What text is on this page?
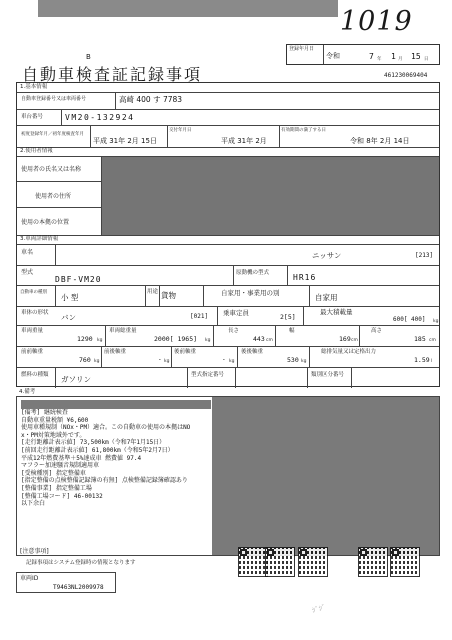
1019
登録年月日
令和	7 年 1 月 15 日
B
自動車検査証記録事項	461230069404
1.基本情報
自動車登録番号又は車両番号	高崎 400 す 7783
車台番号	VM20-132924
初度登録年月／初年度検査年月
平成 31年 2月 15日
交付年月日
平成 31年 2月
有効期間の満了する日
令和 8年 2月 14日
2.使用者情報
使用者の氏名又は名称
使用者の住所
使用の本拠の位置
3.車両詳細情報
車名	ニッサン	[213]
型式
DBF-VM20
原動機の型式	HR16
自動車の種別
小 型
用途 貨物	自家用・事業用の別	自家用
車体の形状 バン	[021] 乗車定員	2[5]
最大積載量
600[ 400] kg
車両重量
1290 kg
車両総重量
2000[ 1965] kg
長さ
443 cm
幅
169 cm
高さ
185 cm
前前軸重
760 kg
前後軸重
- kg
後前軸重
- kg
後後軸重
530 kg
総排気量又は定格出力
1.59 l
燃料の種類 ガソリン	型式指定番号	類別区分番号
4.備考
[備考] 継続検査
自動車重量税額 ¥6,600
使用車種規制（NOx・PM）適合。この自動車の使用の本拠はNO
x・PM対策地域外です。
[走行距離計表示値] 73,500km（令和7年1月15日）
[前回走行距離計表示値] 61,800km（令和5年2月7日）
平成12年燃費基準＋5%達成車 燃費値 97.4
マフラー加速騒音規制適用車
[受検種別] 指定整備車
[指定整備の点検整備記録簿の有無] 点検整備記録簿確認あり
[整備事業] 指定整備工場
[整備工場コード] 46-00132
以下余白
[注意事項]
記録事項はシステム登録時の情報となります
車両ID
T9463NL2009978
ｼﾞｼﾞ
